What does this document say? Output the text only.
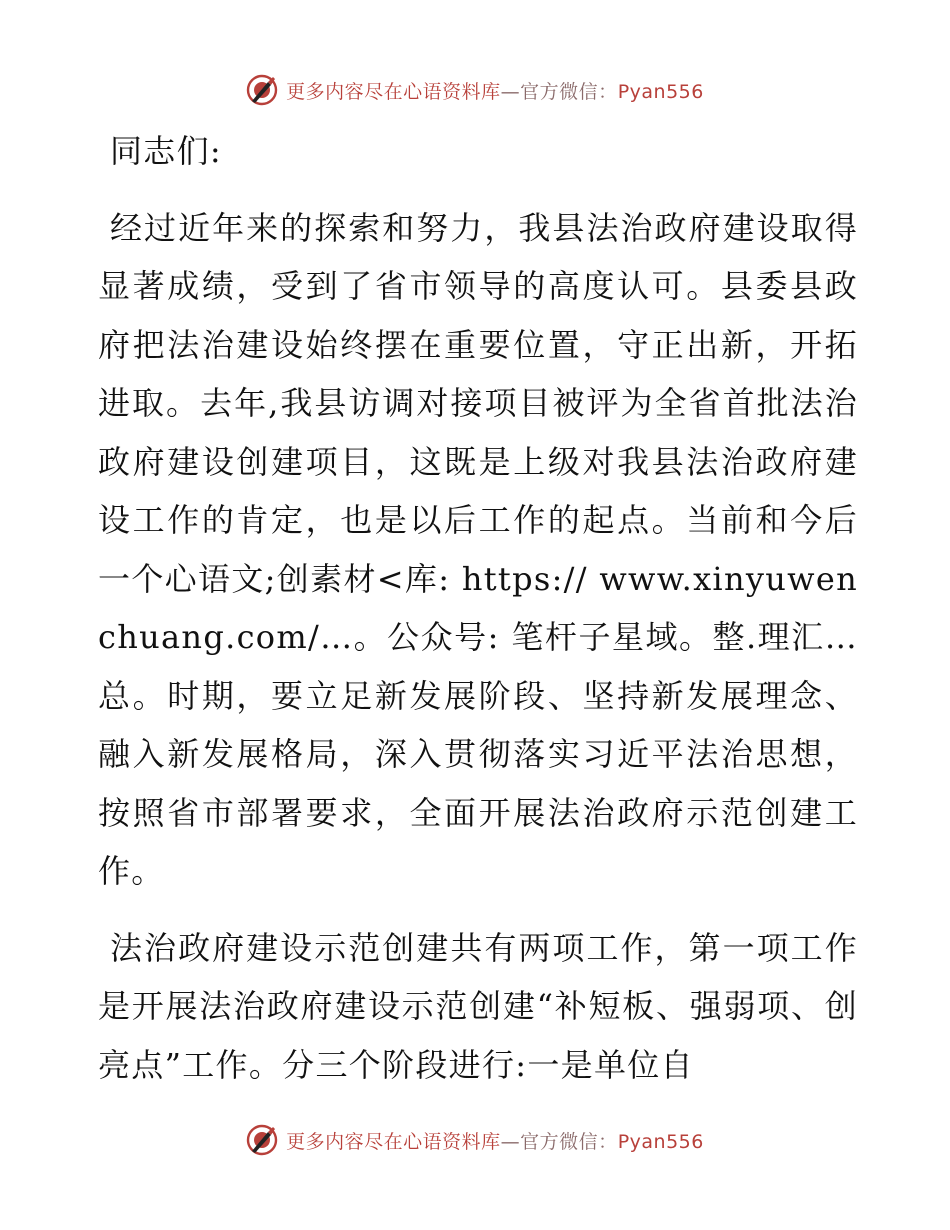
更多内容尽在心语资料库—官方微信：Pyan556

同志们:

经过近年来的探索和努力，我县法治政府建设取得显著成绩，受到了省市领导的高度认可。县委县政府把法治建设始终摆在重要位置，守正出新，开拓进取。去年,我县访调对接项目被评为全省首批法治政府建设创建项目，这既是上级对我县法治政府建设工作的肯定，也是以后工作的起点。当前和今后一个心语文;创素材<库: https:// www.xinyuwenchuang.com/…。公众号: 笔杆子星域。整.理汇…总。时期，要立足新发展阶段、坚持新发展理念、融入新发展格局，深入贯彻落实习近平法治思想，按照省市部署要求，全面开展法治政府示范创建工作。

法治政府建设示范创建共有两项工作，第一项工作是开展法治政府建设示范创建“补短板、强弱项、创亮点”工作。分三个阶段进行:一是单位自

更多内容尽在心语资料库—官方微信：Pyan556
